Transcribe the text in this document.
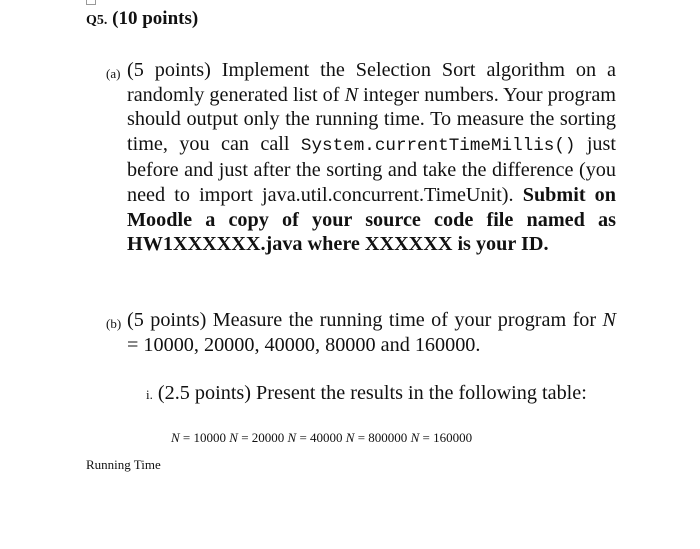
Q5. (10 points)
(a) (5 points) Implement the Selection Sort algorithm on a randomly generated list of N integer numbers. Your program should output only the running time. To measure the sorting time, you can call System.currentTimeMillis() just before and just after the sorting and take the difference (you need to import java.util.concurrent.TimeUnit). Submit on Moodle a copy of your source code file named as HW1XXXXXX.java where XXXXXX is your ID.

(b) (5 points) Measure the running time of your program for N = 10000, 20000, 40000, 80000 and 160000.

i. (2.5 points) Present the results in the following table:

N = 10000 N = 20000 N = 40000 N = 800000 N = 160000
Running Time
